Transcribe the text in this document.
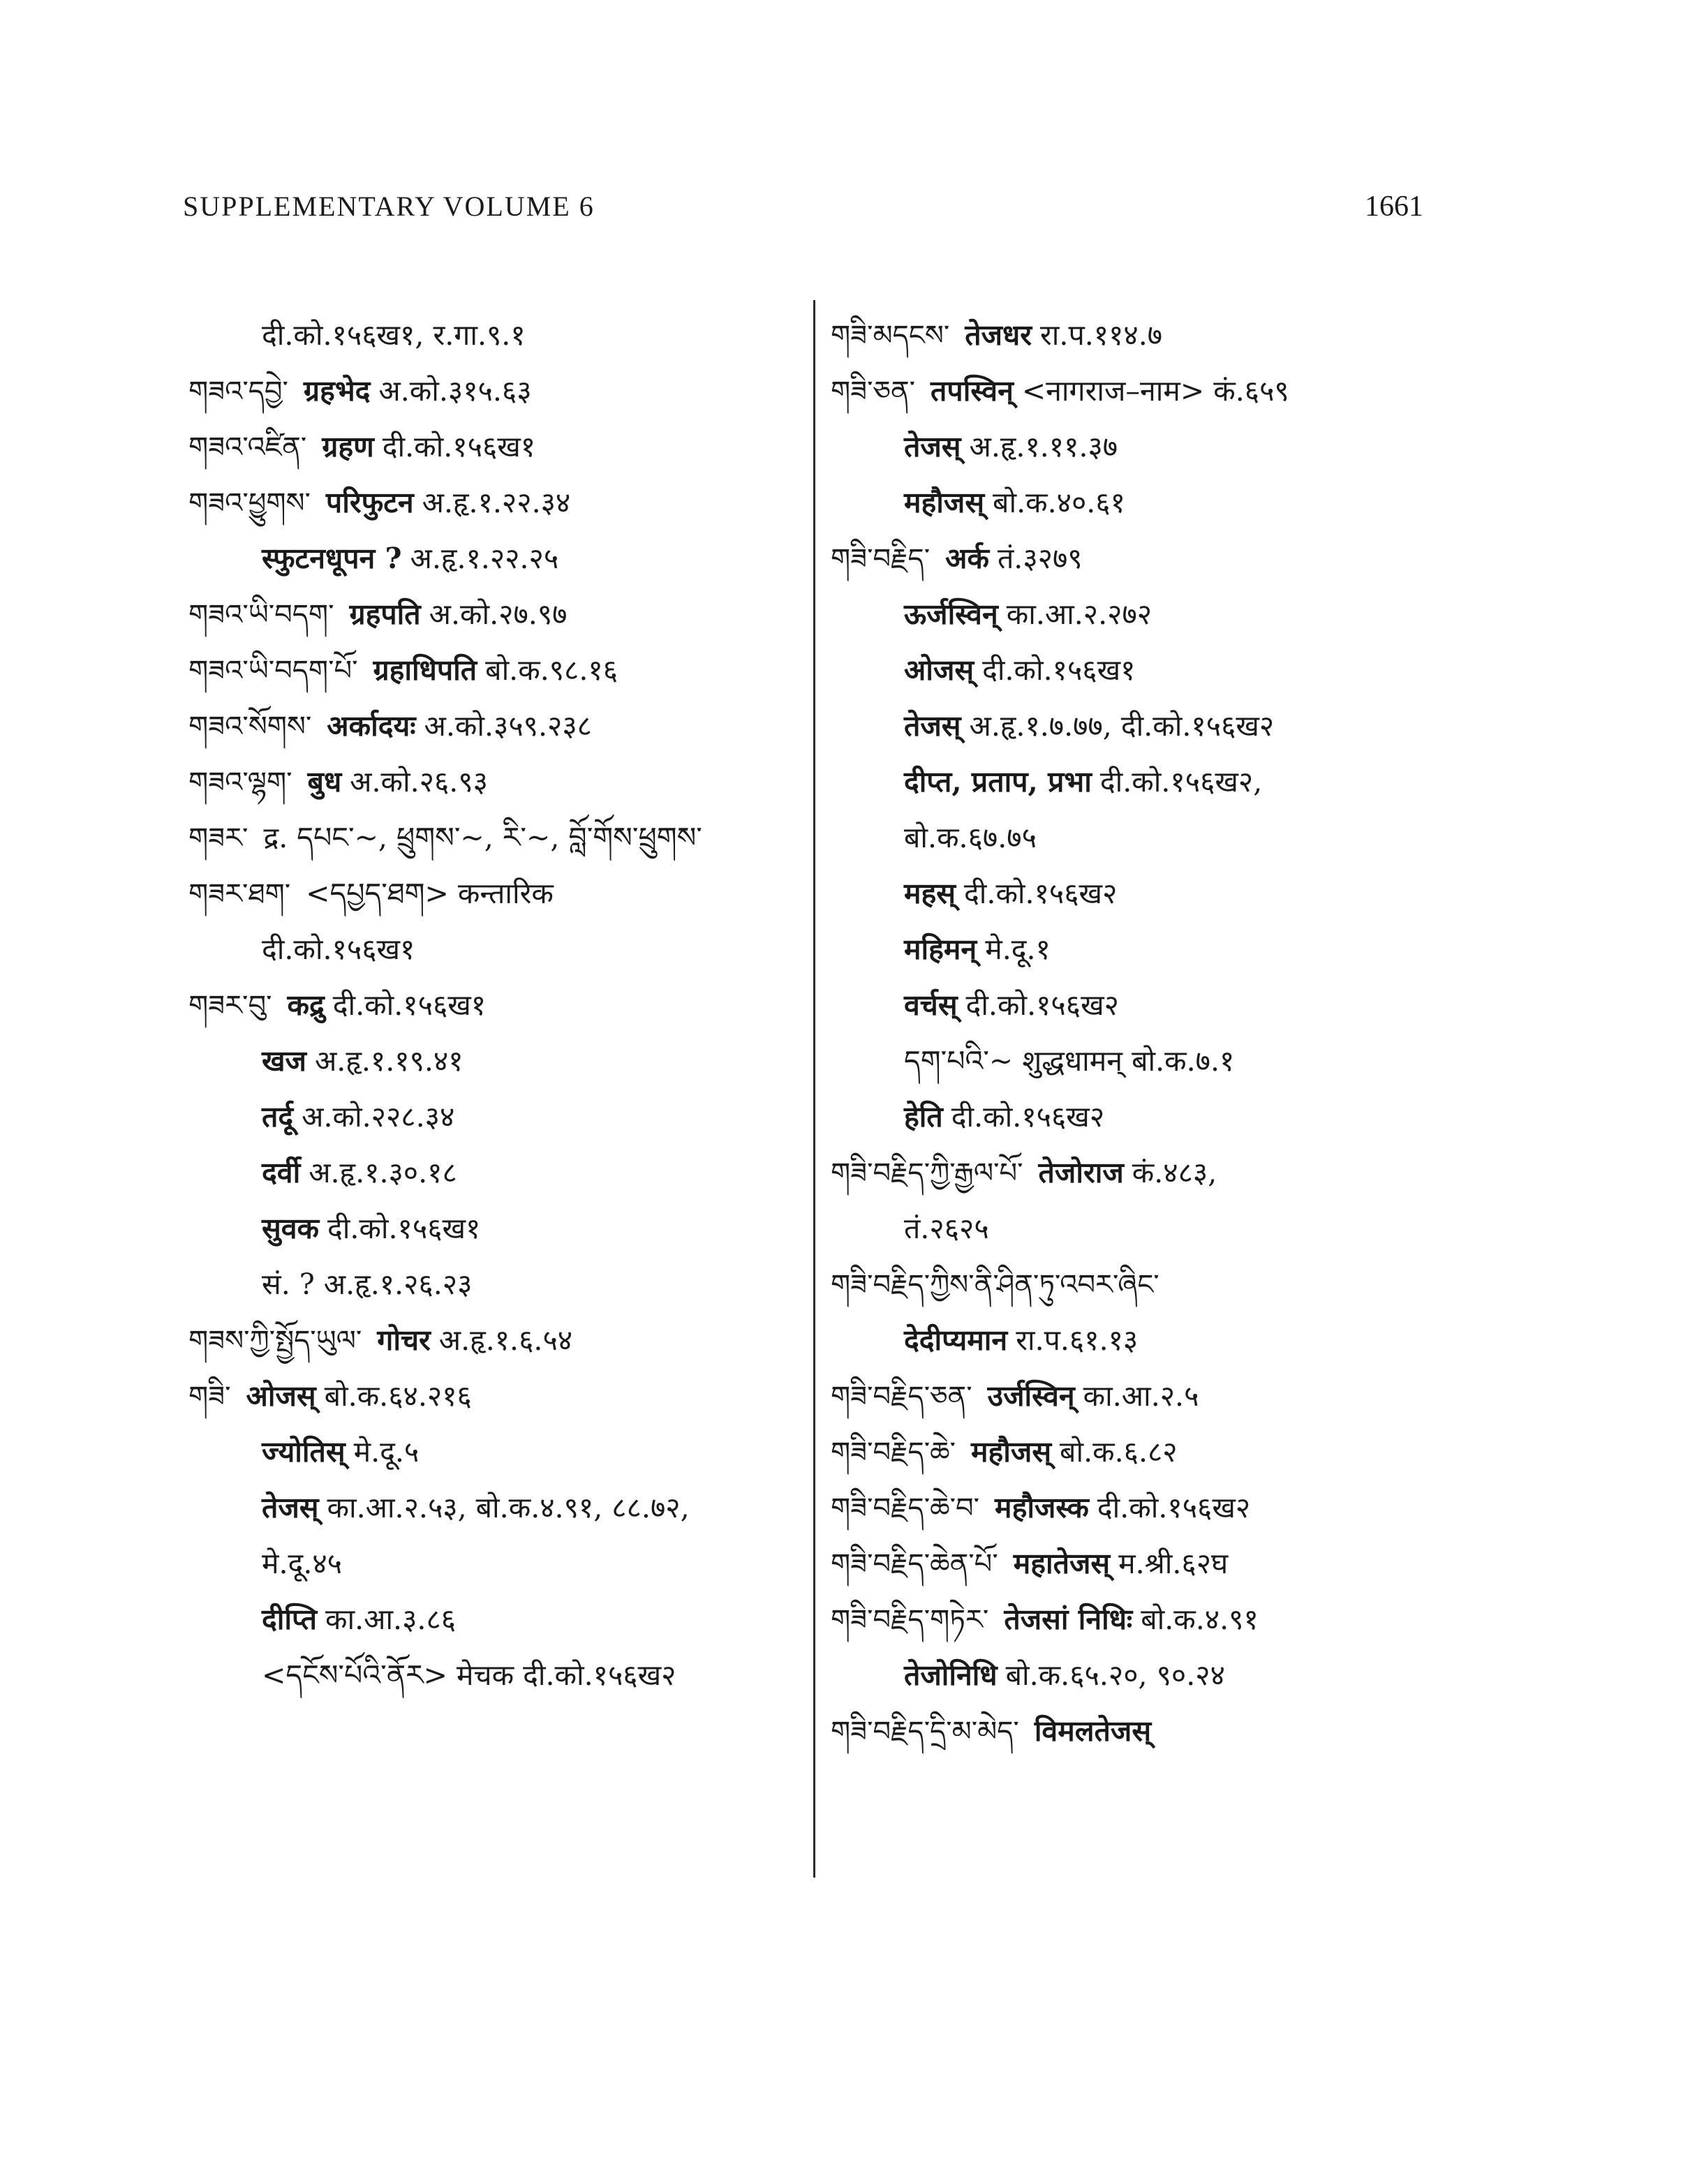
SUPPLEMENTARY VOLUME 6	1661
दी.को.१५६ख१, र.गा.९.१
གཟའ་དབྱེ་ ग्रहभेद अ.को.३१५.६३
གཟའ་འཛིན་ ग्रहण दी.को.१५६ख१
གཟའ་ཕྱུགས་ परिफुटन अ.हृ.१.२२.३४
स्फुटनधूपन ? अ.हृ.१.२२.२५
གཟའ་ཡི་བདག་ ग्रहपति अ.को.२७.९७
གཟའ་ཡི་བདག་པོ་ ग्रहाधिपति बो.क.९८.१६
གཟའ་སོགས་ अर्कादयः अ.को.३५९.२३८
གཟའ་ལྷག་ बुध अ.को.२६.९३
གཟར་ द्र. དཔང་~, ཕྲུགས་~, རི་~, བློ་གོས་ཕྲུགས་
གཟར་ཐག་ <དཔྱད་ཐག> कन्तारिक
दी.को.१५६ख१
གཟར་བུ་ कद्रु दी.को.१५६ख१
खज अ.हृ.१.१९.४१
तर्दू अ.को.२२८.३४
दर्वी अ.हृ.१.३०.१८
सुवक दी.को.१५६ख१
सं. ? अ.हृ.१.२६.२३
གཟས་ཀྱི་སྤྱོད་ཡུལ་ गोचर अ.हृ.१.६.५४
གཟི་ ओजस् बो.क.६४.२१६
ज्योतिस् मे.दू.५
तेजस् का.आ.२.५३, बो.क.४.९१, ८८.७२,
मे.दू.४५
दीप्ति का.आ.३.८६
<དངོས་པོའི་ནོར> मेचक दी.को.१५६ख२
གཟི་མདངས་ तेजधर रा.प.११४.७
གཟི་ཅན་ तपस्विन् <नागराज–नाम> कं.६५९
तेजस् अ.हृ.१.११.३७
महौजस् बो.क.४०.६१
གཟི་བརྗིད་ अर्क तं.३२७९
ऊर्जस्विन् का.आ.२.२७२
ओजस् दी.को.१५६ख१
तेजस् अ.हृ.१.७.७७, दी.को.१५६ख२
दीप्त, प्रताप, प्रभा दी.को.१५६ख२,
बो.क.६७.७५
महस् दी.को.१५६ख२
महिमन् मे.दू.१
वर्चस् दी.को.१५६ख२
དག་པའི་~ शुद्धधामन् बो.क.७.१
हेति दी.को.१५६ख२
གཟི་བརྗིད་ཀྱི་རྒྱལ་པོ་ तेजोराज कं.४८३,
तं.२६२५
གཟི་བརྗིད་ཀྱིས་ནི་ཤིན་ཏུ་འབར་ཞིང་
देदीप्यमान रा.प.६१.१३
གཟི་བརྗིད་ཅན་ उर्जस्विन् का.आ.२.५
གཟི་བརྗིད་ཆེ་ महौजस् बो.क.६.८२
གཟི་བརྗིད་ཆེ་བ་ महौजस्क दी.को.१५६ख२
གཟི་བརྗིད་ཆེན་པོ་ महातेजस् म.श्री.६२घ
གཟི་བརྗིད་གཏེར་ तेजसां निधिः बो.क.४.९१
तेजोनिधि बो.क.६५.२०, ९०.२४
གཟི་བརྗིད་དྲི་མ་མེད་ विमलतेजस्
